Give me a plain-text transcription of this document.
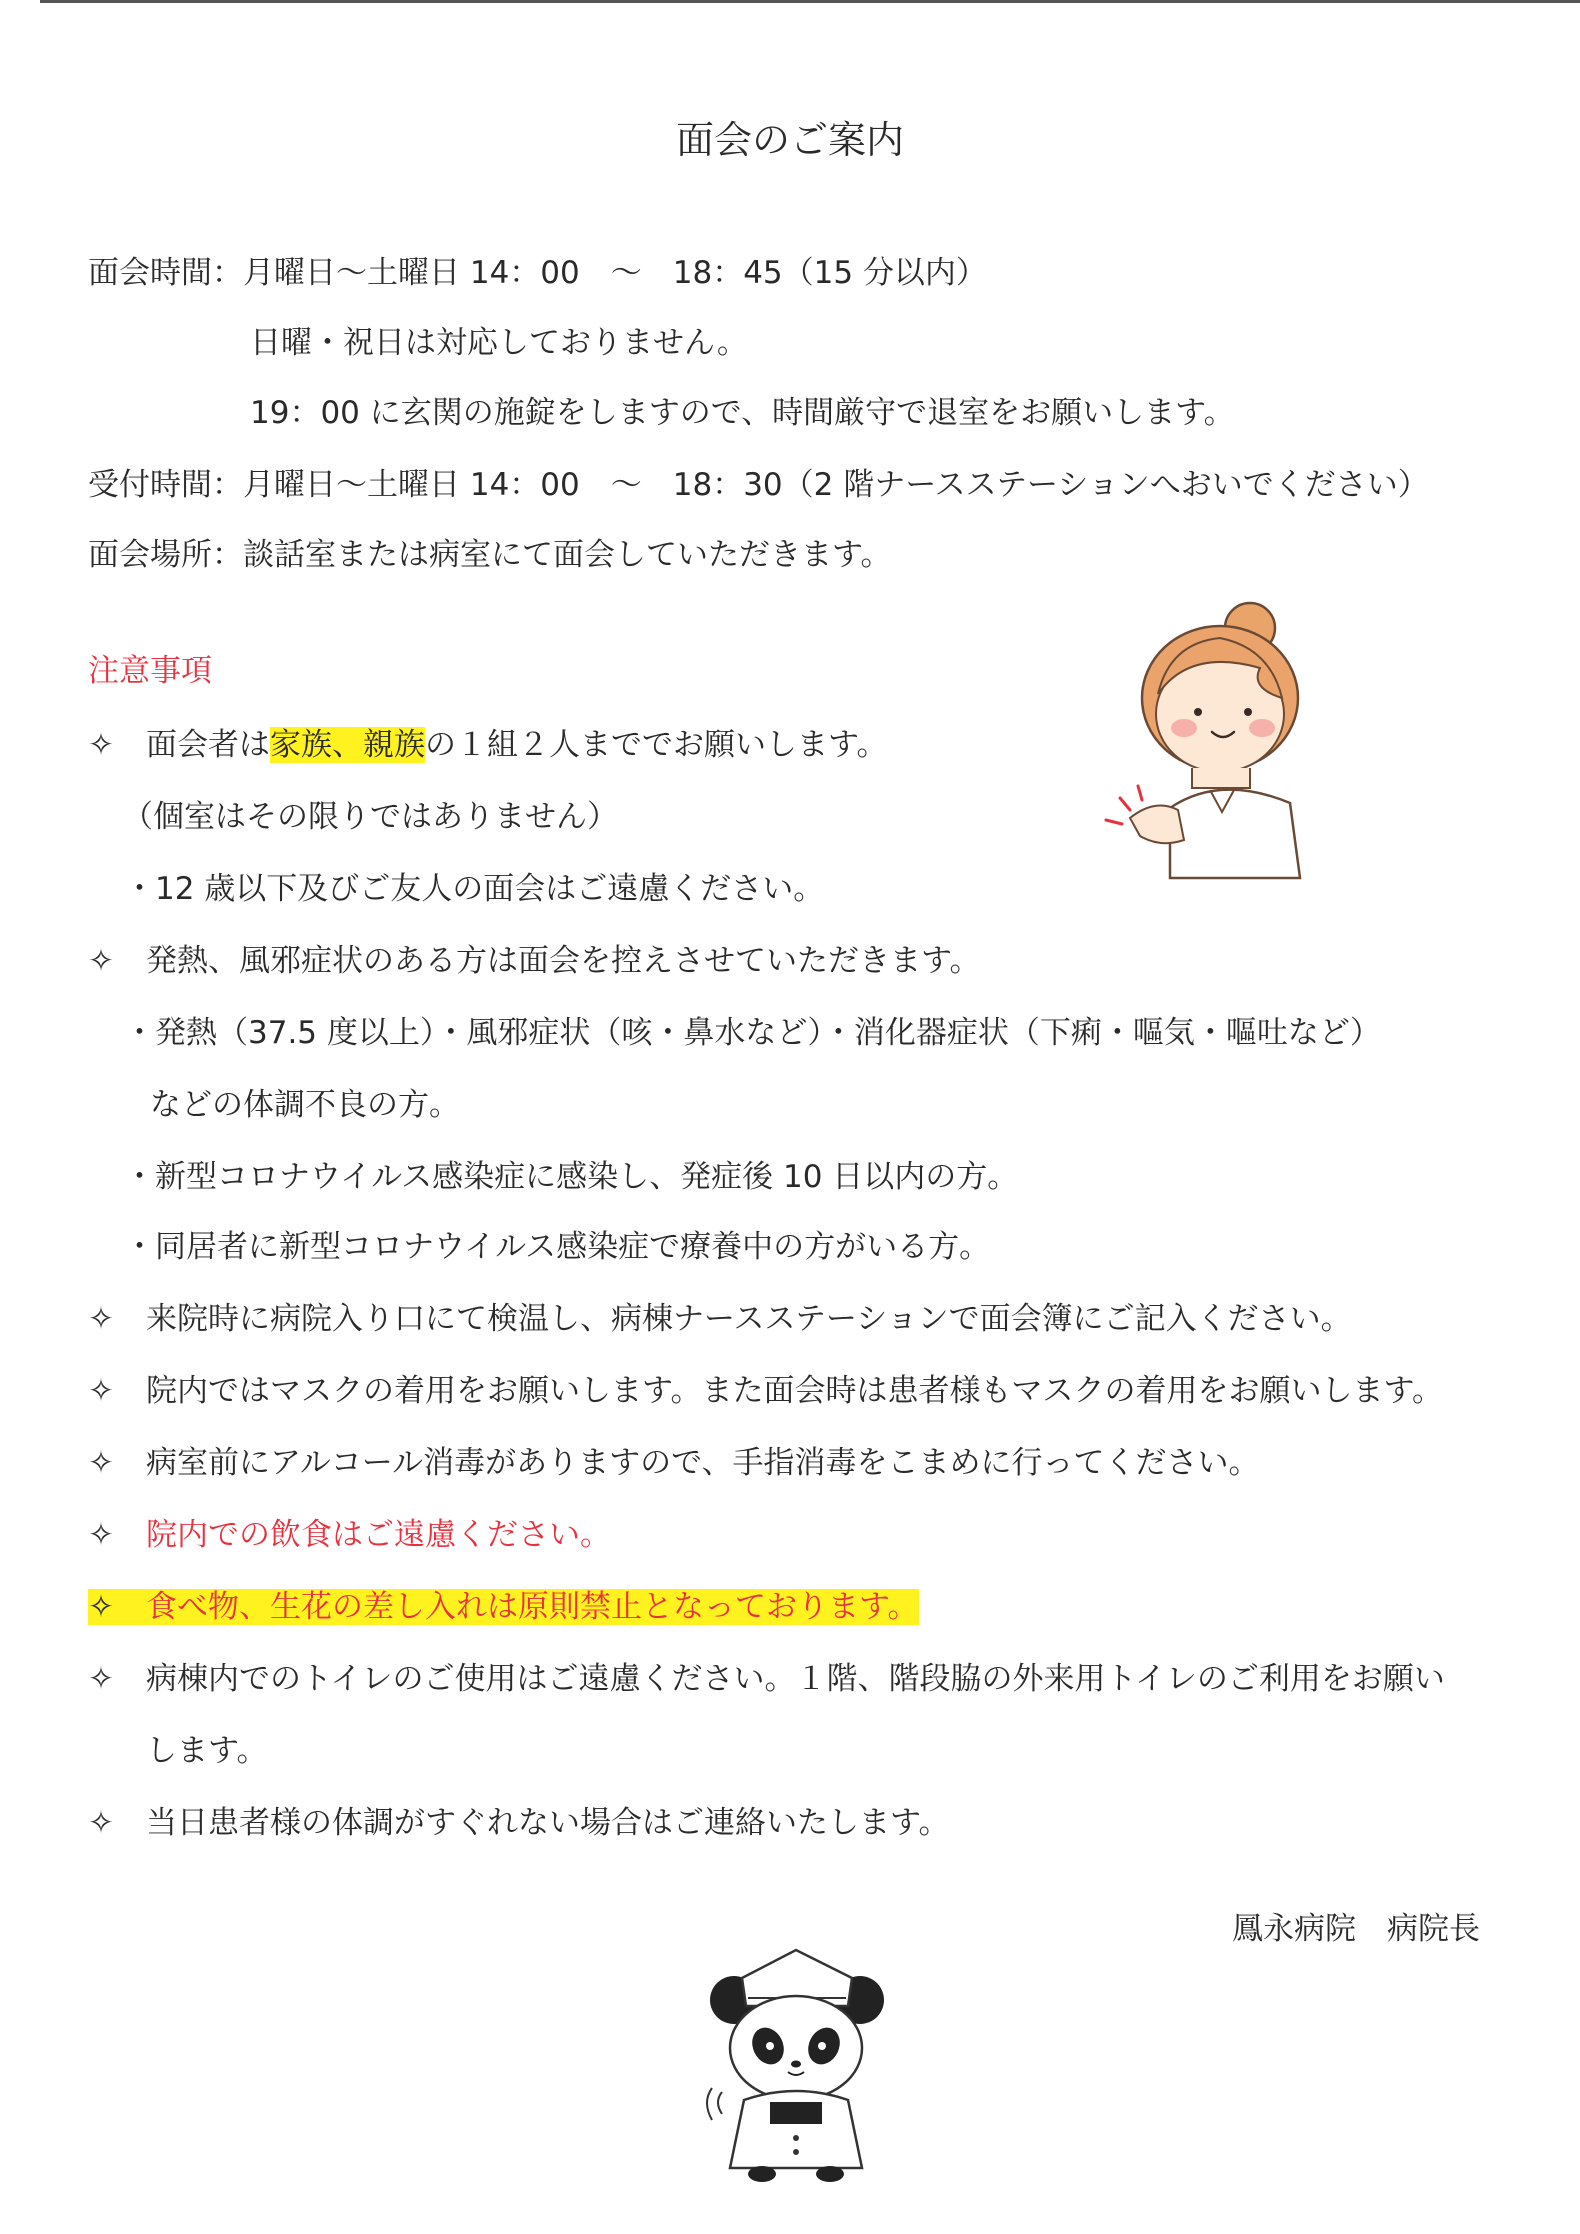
面会のご案内
面会時間：月曜日～土曜日 14：00　～　18：45（15 分以内）
日曜・祝日は対応しておりません。
19：00 に玄関の施錠をしますので、時間厳守で退室をお願いします。
受付時間：月曜日～土曜日 14：00　～　18：30（2 階ナースステーションへおいでください）
面会場所：談話室または病室にて面会していただきます。
注意事項
✧ 面会者は家族、親族の１組２人まででお願いします。
（個室はその限りではありません）
・12 歳以下及びご友人の面会はご遠慮ください。
✧ 発熱、風邪症状のある方は面会を控えさせていただきます。
・発熱（37.5 度以上）・風邪症状（咳・鼻水など）・消化器症状（下痢・嘔気・嘔吐など）
などの体調不良の方。
・新型コロナウイルス感染症に感染し、発症後 10 日以内の方。
・同居者に新型コロナウイルス感染症で療養中の方がいる方。
✧ 来院時に病院入り口にて検温し、病棟ナースステーションで面会簿にご記入ください。
✧ 院内ではマスクの着用をお願いします。また面会時は患者様もマスクの着用をお願いします。
✧ 病室前にアルコール消毒がありますので、手指消毒をこまめに行ってください。
✧ 院内での飲食はご遠慮ください。
✧ 食べ物、生花の差し入れは原則禁止となっております。
✧ 病棟内でのトイレのご使用はご遠慮ください。１階、階段脇の外来用トイレのご利用をお願い
します。
✧ 当日患者様の体調がすぐれない場合はご連絡いたします。
鳳永病院　病院長
